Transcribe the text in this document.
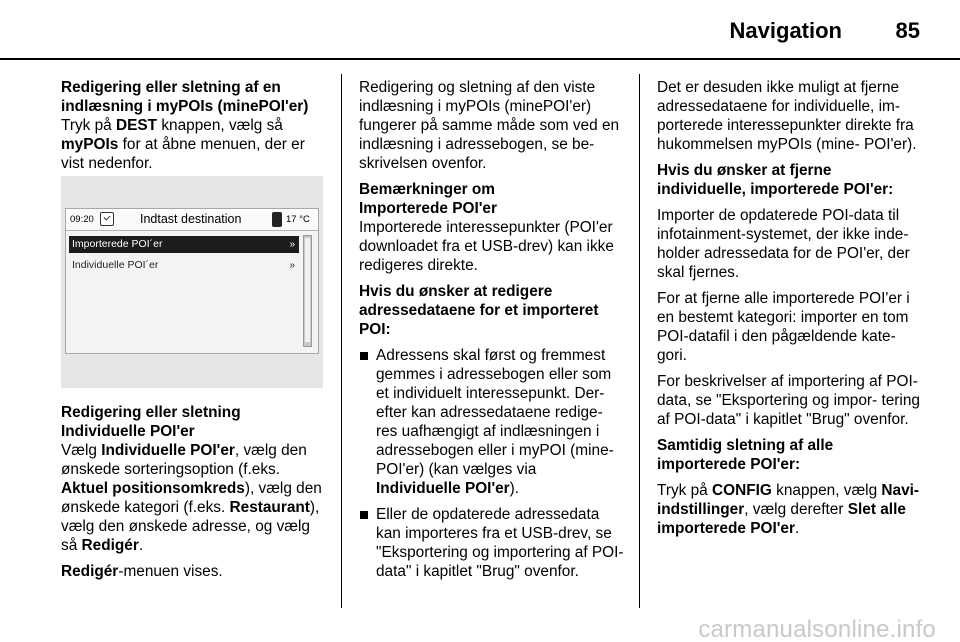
Navigation 85

Redigering eller sletning af en indlæsning i myPOIs (minePOI'er)

Tryk på DEST knappen, vælg så myPOIs for at åbne menuen, der er vist nedenfor.

09:20	Indtast destination	17 °C
Importerede POI´er	»
Individuelle POI´er	»

Redigering eller sletning

Individuelle POI'er

Vælg Individuelle POI'er, vælg den ønskede sorteringsoption (f.eks. Aktuel positionsomkreds), vælg den ønskede kategori (f.eks. Restaurant), vælg den ønskede adresse, og vælg så Redigér.

Redigér-menuen vises.

Redigering og sletning af den viste indlæsning i myPOIs (minePOI'er) fungerer på samme måde som ved en indlæsning i adressebogen, se be- skrivelsen ovenfor.

Bemærkninger om

Importerede POI'er

Importerede interessepunkter (POI'er downloadet fra et USB-drev) kan ikke redigeres direkte.

Hvis du ønsker at redigere adressedataene for et importeret POI:

Adressens skal først og fremmest gemmes i adressebogen eller som et individuelt interessepunkt. Der- efter kan adressedataene redige- res uafhængigt af indlæsningen i adressebogen eller i myPOI (mine- POI'er) (kan vælges via Individuelle POI'er).
Eller de opdaterede adressedata kan importeres fra et USB-drev, se "Eksportering og importering af POI-data" i kapitlet "Brug" ovenfor.

Det er desuden ikke muligt at fjerne adressedataene for individuelle, im- porterede interessepunkter direkte fra hukommelsen myPOIs (mine- POI'er).

Hvis du ønsker at fjerne individuelle, importerede POI'er:

Importer de opdaterede POI-data til infotainment-systemet, der ikke inde- holder adressedata for de POI'er, der skal fjernes.

For at fjerne alle importerede POI'er i en bestemt kategori: importer en tom POI-datafil i den pågældende kate- gori.

For beskrivelser af importering af POI-data, se "Eksportering og impor- tering af POI-data" i kapitlet "Brug" ovenfor.

Samtidig sletning af alle importerede POI'er:

Tryk på CONFIG knappen, vælg Navi-indstillinger, vælg derefter Slet alle importerede POI'er.

carmanualsonline.info
